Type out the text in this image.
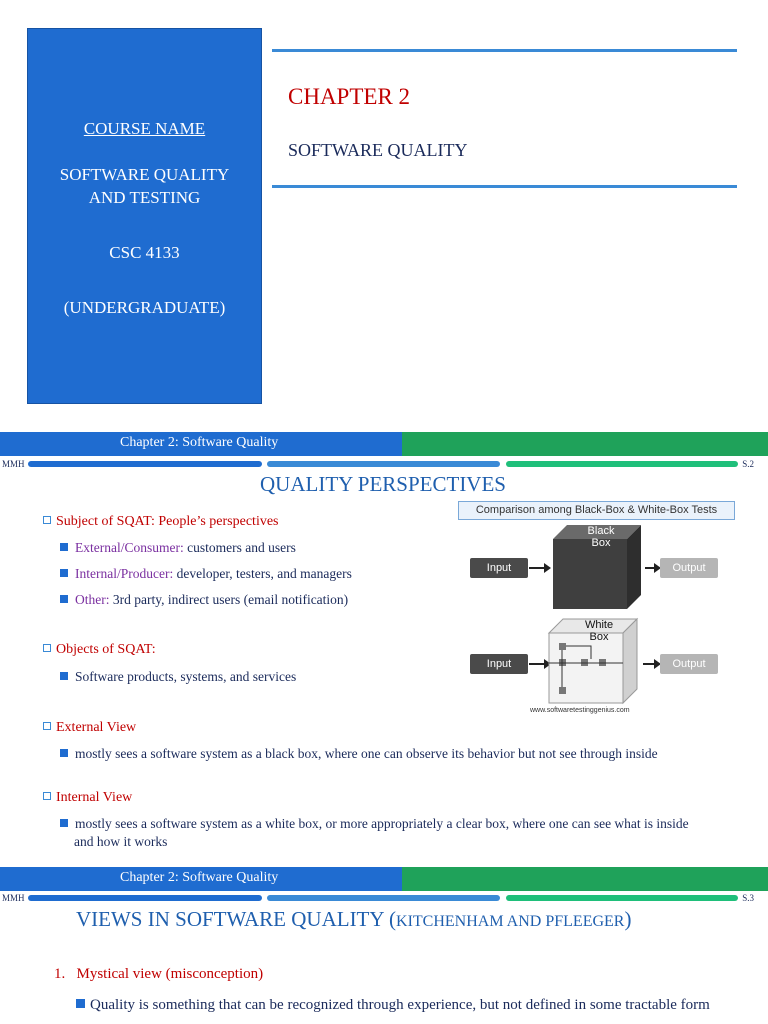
COURSE NAME
SOFTWARE QUALITY AND TESTING
CSC 4133
(UNDERGRADUATE)
CHAPTER 2
SOFTWARE QUALITY
Chapter 2: Software Quality
MMH	S.2
QUALITY PERSPECTIVES
Subject of SQAT: People’s perspectives
External/Consumer: customers and users
Internal/Producer: developer, testers, and managers
Other: 3rd party, indirect users (email notification)
Objects of SQAT:
Software products, systems, and services
External View
mostly sees a software system as a black box, where one can observe its behavior but not see through inside
Internal View
mostly sees a software system as a white box, or more appropriately a clear box, where one can see what is inside and how it works
Comparison among Black-Box & White-Box Tests
Input
Black Box
Output
Input
White Box
Output
www.softwaretestinggenius.com
Chapter 2: Software Quality
MMH	S.3
VIEWS IN SOFTWARE QUALITY (KITCHENHAM AND PFLEEGER)
1. Mystical view (misconception)
Quality is something that can be recognized through experience, but not defined in some tractable form
